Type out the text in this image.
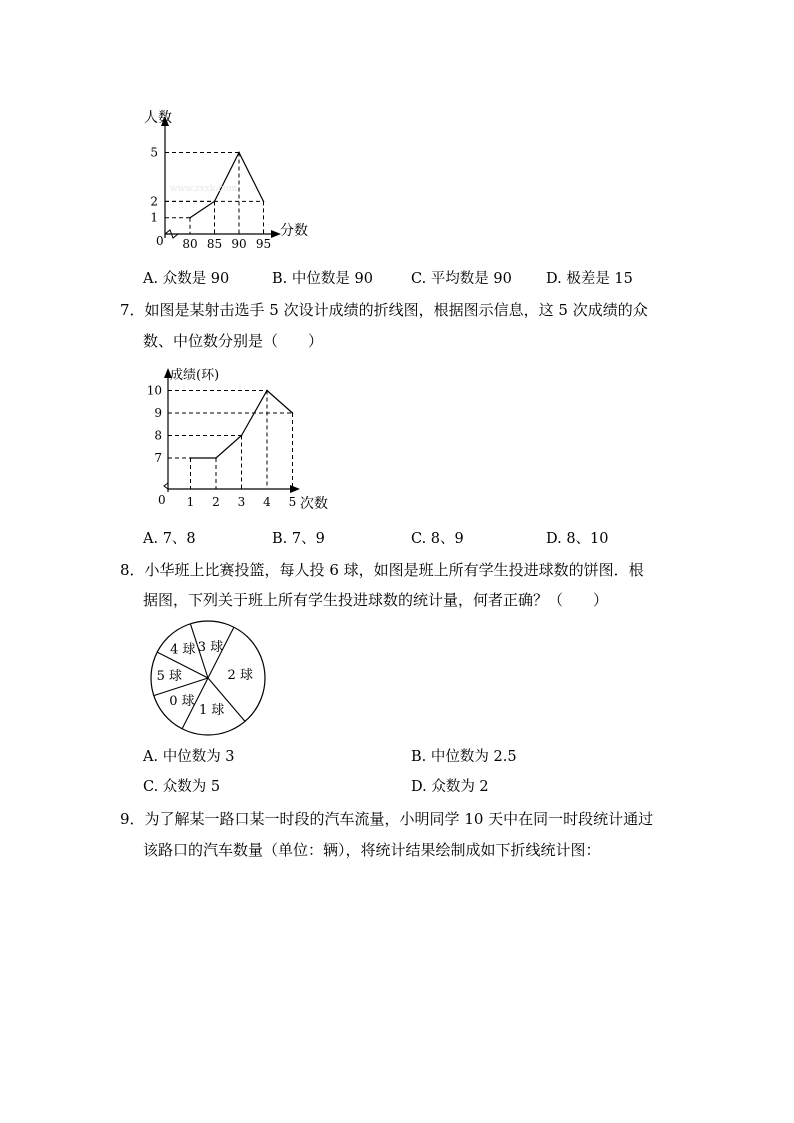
80 85 90 95
1
2
5
人数
分数
0
www.zxxk.com
A. 众数是 90	B. 中位数是 90	C. 平均数是 90 D. 极差是 15
7．如图是某射击选手 5 次设计成绩的折线图，根据图示信息，这 5 次成绩的众
数、中位数分别是（　　）
1 2 3 4 5
7
8
9
10
成绩(环)
次数
0
A. 7、8	B. 7、9	C. 8、9	D. 8、10
8．小华班上比赛投篮，每人投 6 球，如图是班上所有学生投进球数的饼图．根
据图，下列关于班上所有学生投进球数的统计量，何者正确？（　　）
3 球
2 球
1 球
0 球
5 球
4 球
A. 中位数为 3	B. 中位数为 2.5
C. 众数为 5	D. 众数为 2
9．为了解某一路口某一时段的汽车流量，小明同学 10 天中在同一时段统计通过
该路口的汽车数量（单位：辆），将统计结果绘制成如下折线统计图：
